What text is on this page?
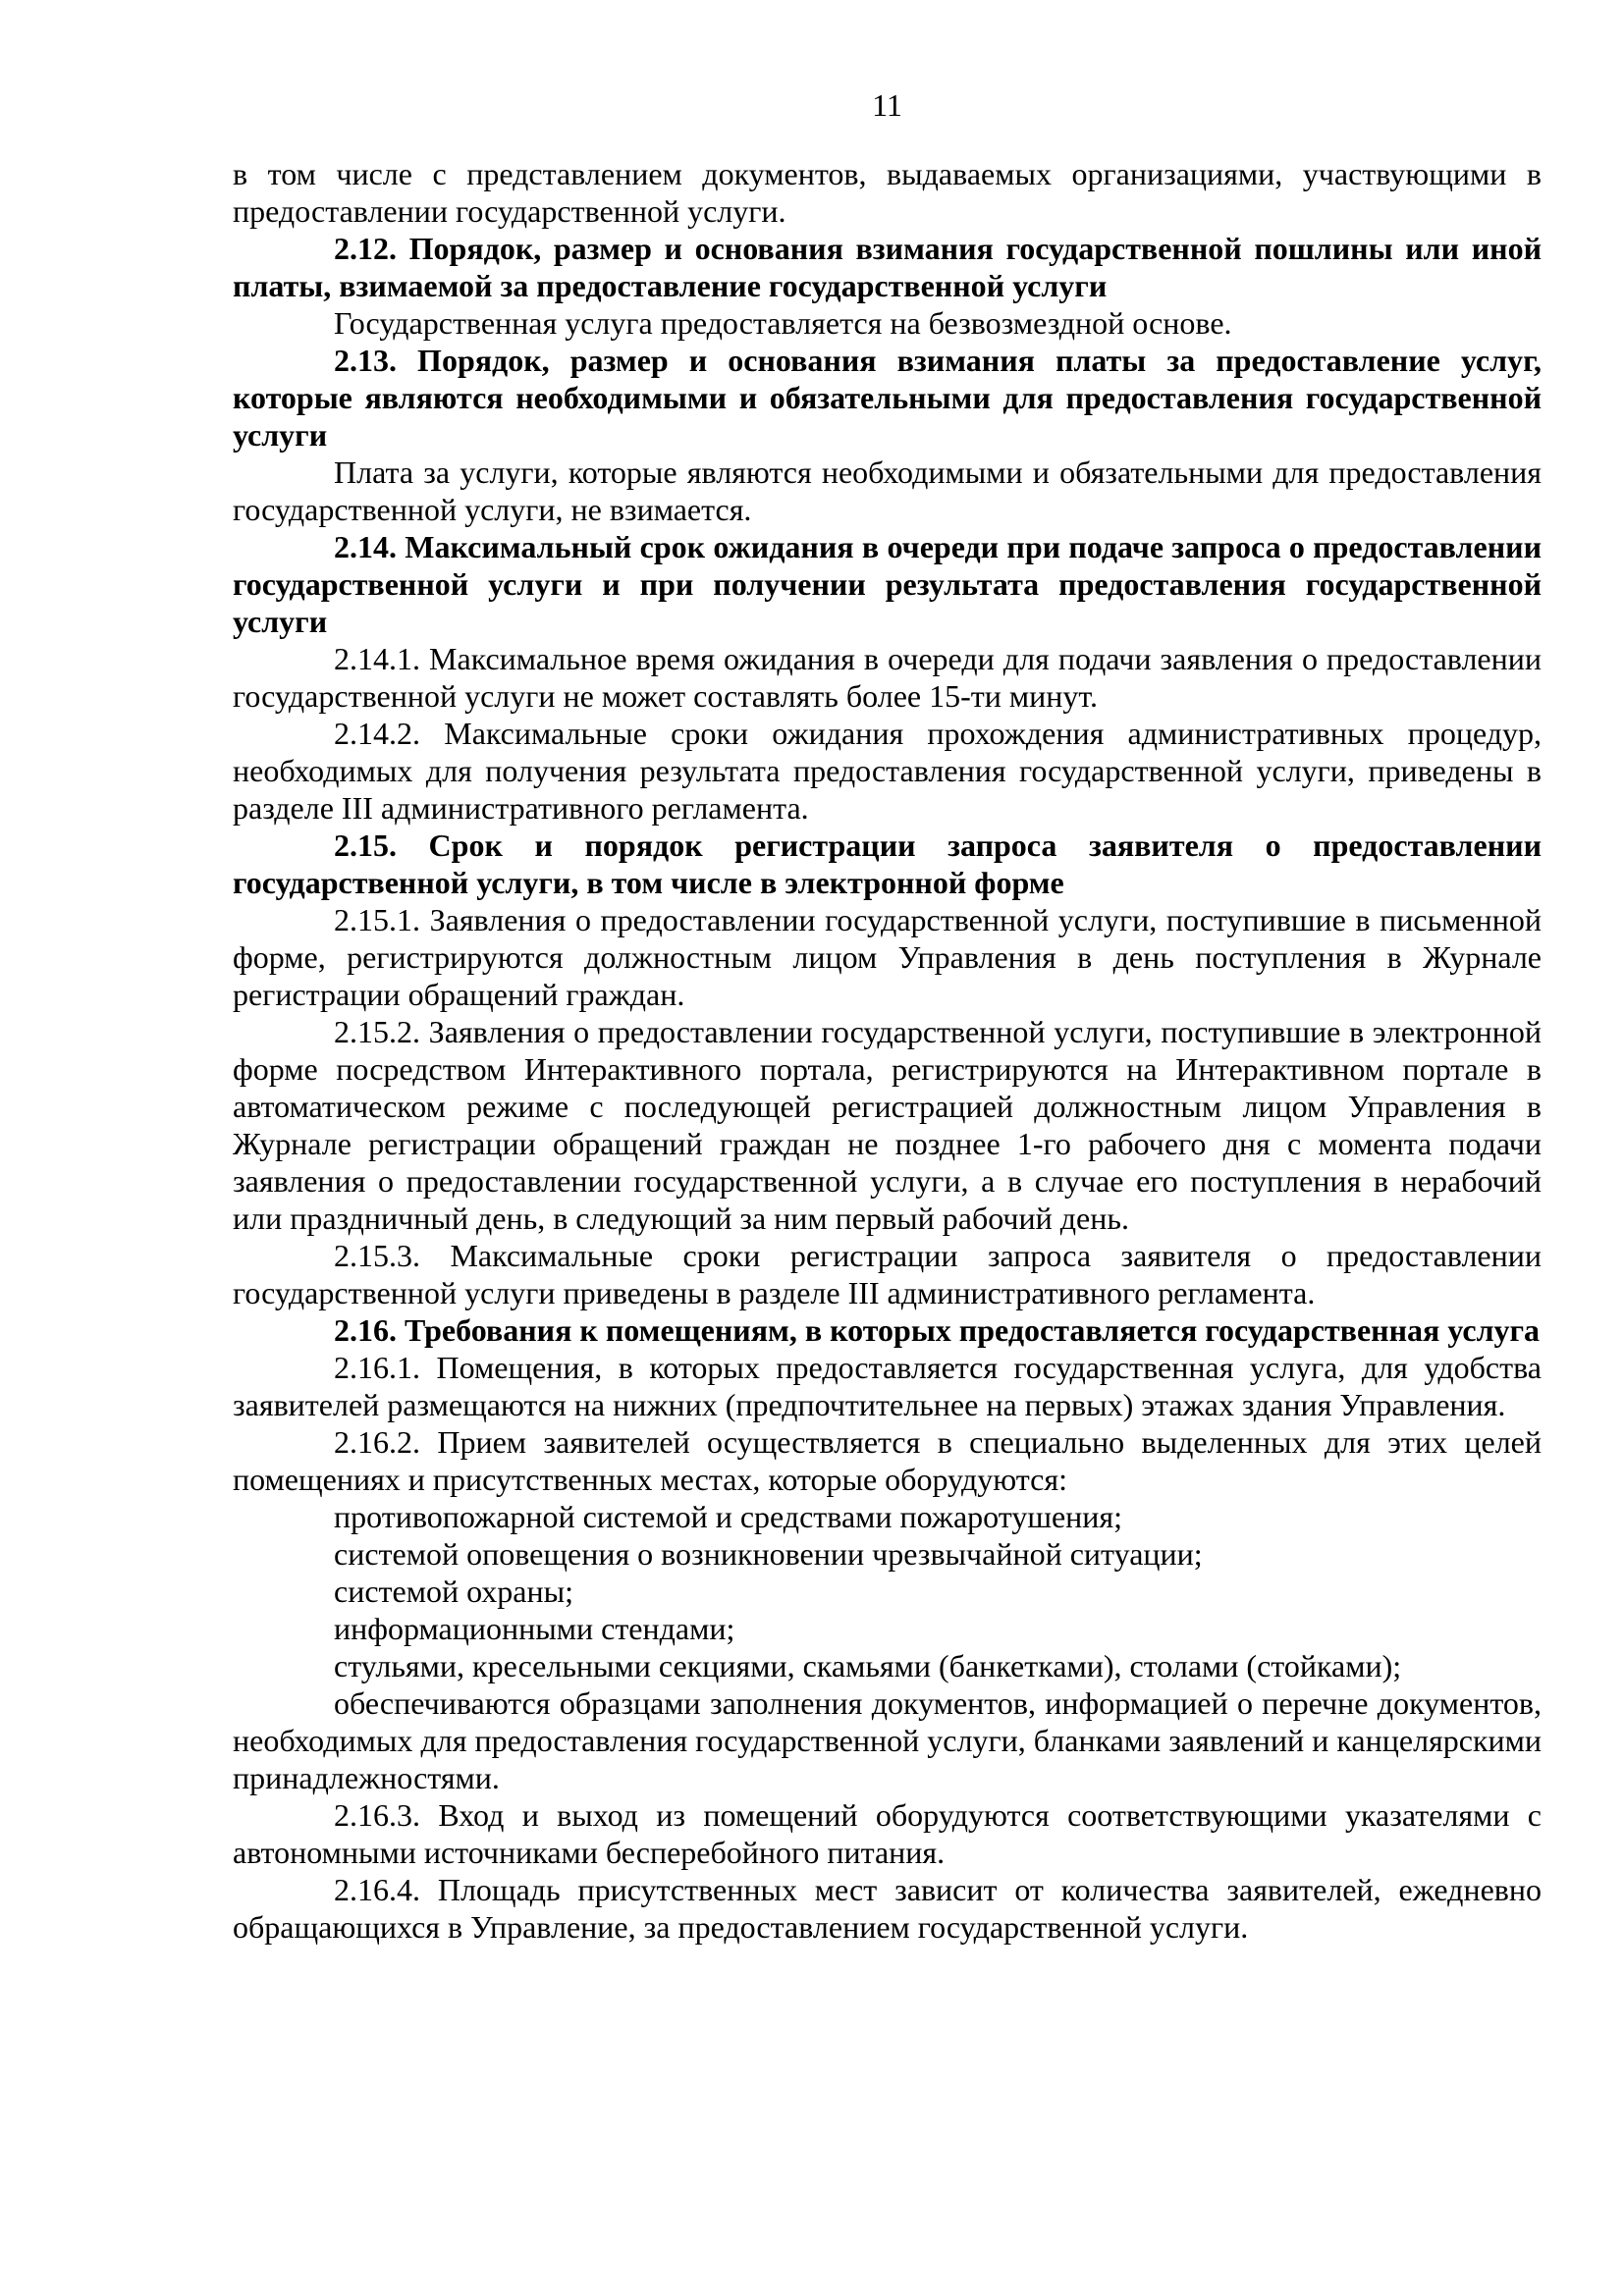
11

в том числе с представлением документов, выдаваемых организациями, участвующими в предоставлении государственной услуги.

2.12. Порядок, размер и основания взимания государственной пошлины или иной платы, взимаемой за предоставление государственной услуги

Государственная услуга предоставляется на безвозмездной основе.

2.13. Порядок, размер и основания взимания платы за предоставление услуг, которые являются необходимыми и обязательными для предоставления государственной услуги

Плата за услуги, которые являются необходимыми и обязательными для предоставления государственной услуги, не взимается.

2.14. Максимальный срок ожидания в очереди при подаче запроса о предоставлении государственной услуги и при получении результата предоставления государственной услуги

2.14.1. Максимальное время ожидания в очереди для подачи заявления о предоставлении государственной услуги не может составлять более 15-ти минут.

2.14.2. Максимальные сроки ожидания прохождения административных процедур, необходимых для получения результата предоставления государственной услуги, приведены в разделе III административного регламента.

2.15. Срок и порядок регистрации запроса заявителя о предоставлении государственной услуги, в том числе в электронной форме

2.15.1. Заявления о предоставлении государственной услуги, поступившие в письменной форме, регистрируются должностным лицом Управления в день поступления в Журнале регистрации обращений граждан.

2.15.2. Заявления о предоставлении государственной услуги, поступившие в электронной форме посредством Интерактивного портала, регистрируются на Интерактивном портале в автоматическом режиме с последующей регистрацией должностным лицом Управления в Журнале регистрации обращений граждан не позднее 1-го рабочего дня с момента подачи заявления о предоставлении государственной услуги, а в случае его поступления в нерабочий или праздничный день, в следующий за ним первый рабочий день.

2.15.3. Максимальные сроки регистрации запроса заявителя о предоставлении государственной услуги приведены в разделе III административного регламента.

2.16. Требования к помещениям, в которых предоставляется государственная услуга

2.16.1. Помещения, в которых предоставляется государственная услуга, для удобства заявителей размещаются на нижних (предпочтительнее на первых) этажах здания Управления.

2.16.2. Прием заявителей осуществляется в специально выделенных для этих целей помещениях и присутственных местах, которые оборудуются:

противопожарной системой и средствами пожаротушения;

системой оповещения о возникновении чрезвычайной ситуации;

системой охраны;

информационными стендами;

стульями, кресельными секциями, скамьями (банкетками), столами (стойками);

обеспечиваются образцами заполнения документов, информацией о перечне документов, необходимых для предоставления государственной услуги, бланками заявлений и канцелярскими принадлежностями.

2.16.3. Вход и выход из помещений оборудуются соответствующими указателями с автономными источниками бесперебойного питания.

2.16.4. Площадь присутственных мест зависит от количества заявителей, ежедневно обращающихся в Управление, за предоставлением государственной услуги.
